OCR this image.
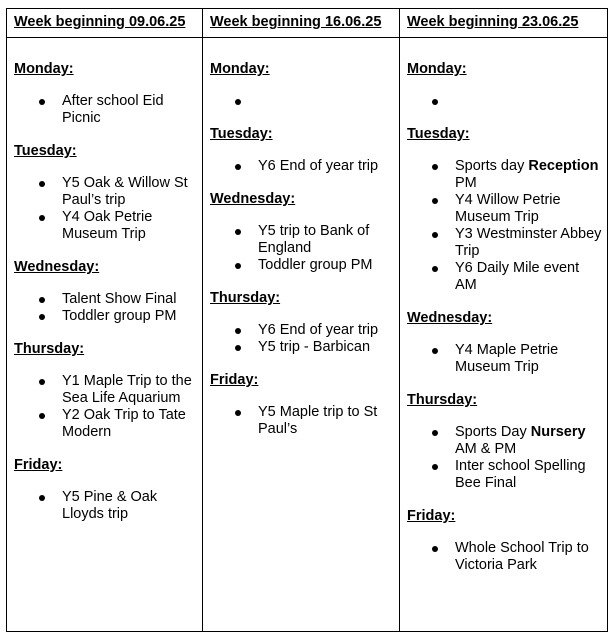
Week beginning 09.06.25	Week beginning 16.06.25	Week beginning 23.06.25
Monday:
After school Eid Picnic
Tuesday:
Y5 Oak & Willow St Paul’s trip
Y4 Oak Petrie Museum Trip
Wednesday:
Talent Show Final
Toddler group PM
Thursday:
Y1 Maple Trip to the Sea Life Aquarium
Y2 Oak Trip to Tate Modern
Friday:
Y5 Pine & Oak Lloyds trip
Monday:
Tuesday:
Y6 End of year trip
Wednesday:
Y5 trip to Bank of England
Toddler group PM
Thursday:
Y6 End of year trip
Y5 trip - Barbican
Friday:
Y5 Maple trip to St Paul’s
Monday:
Tuesday:
Sports day Reception PM
Y4 Willow Petrie Museum Trip
Y3 Westminster Abbey Trip
Y6 Daily Mile event AM
Wednesday:
Y4 Maple Petrie Museum Trip
Thursday:
Sports Day Nursery AM & PM
Inter school Spelling Bee Final
Friday:
Whole School Trip to Victoria Park
